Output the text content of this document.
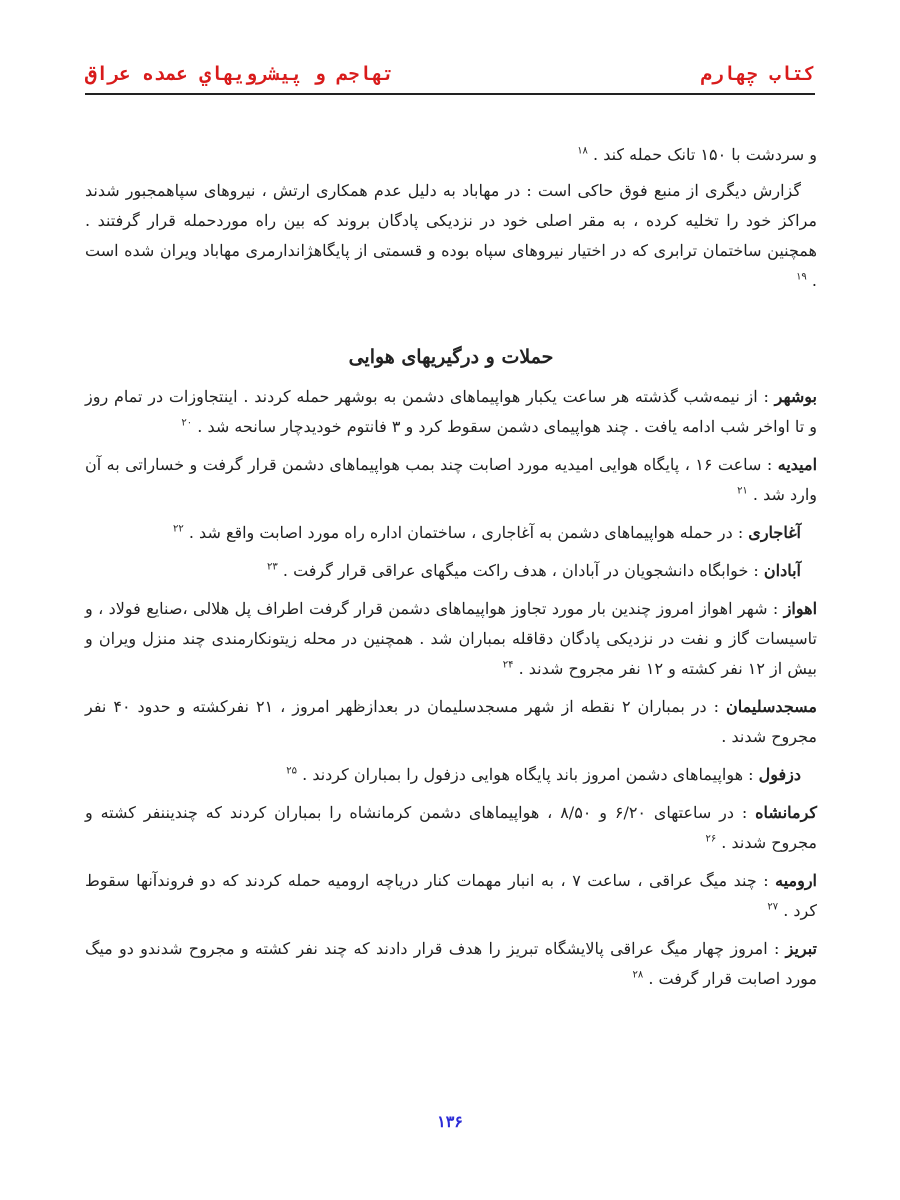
تهاجم و پيشرويهاي عمده عراق	كتاب چهارم

و سردشت با ۱۵۰ تانک حمله کند . $^{۱۸}$

گزارش دیگری از منبع فوق حاکی است : در مهاباد به دلیل عدم همکاری ارتش ، نیروهای سپاهمجبور شدند مراکز خود را تخلیه کرده ، به مقر اصلی خود در نزدیکی پادگان بروند که بین راه موردحمله قرار گرفتند . همچنین ساختمان ترابری که در اختیار نیروهای سپاه بوده و قسمتی از پایگاهژاندارمری مهاباد ویران شده است . $^{۱۹}$

حملات و درگیریهای هوایی

بوشهر : از نیمه‌شب گذشته هر ساعت یکبار هواپیماهای دشمن به بوشهر حمله کردند . اینتجاوزات در تمام روز و تا اواخر شب ادامه یافت . چند هواپیمای دشمن سقوط کرد و ۳ فانتوم خودیدچار سانحه شد . $^{۲۰}$

امیدیه : ساعت ۱۶ ، پایگاه هوایی امیدیه مورد اصابت چند بمب هواپیماهای دشمن قرار گرفت و خساراتی به آن وارد شد . $^{۲۱}$

آغاجاری : در حمله هواپیماهای دشمن به آغاجاری ، ساختمان اداره راه مورد اصابت واقع شد . $^{۲۲}$

آبادان : خوابگاه دانشجویان در آبادان ، هدف راکت میگهای عراقی قرار گرفت . $^{۲۳}$

اهواز : شهر اهواز امروز چندین بار مورد تجاوز هواپیماهای دشمن قرار گرفت اطراف پل هلالی ،صنایع فولاد ، و تاسیسات گاز و نفت در نزدیکی پادگان دقاقله بمباران شد . همچنین در محله زیتونکارمندی چند منزل ویران و بیش از ۱۲ نفر کشته و ۱۲ نفر مجروح شدند . $^{۲۴}$

مسجدسلیمان : در بمباران ۲ نقطه از شهر مسجدسلیمان در بعدازظهر امروز ، ۲۱ نفرکشته و حدود ۴۰ نفر مجروح شدند .

دزفول : هواپیماهای دشمن امروز باند پایگاه هوایی دزفول را بمباران کردند . $^{۲۵}$

کرمانشاه : در ساعتهای ۶/۲۰ و ۸/۵۰ ، هواپیماهای دشمن کرمانشاه را بمباران کردند که چندیننفر کشته و مجروح شدند . $^{۲۶}$

ارومیه : چند میگ عراقی ، ساعت ۷ ، به انبار مهمات کنار دریاچه ارومیه حمله کردند که دو فروندآنها سقوط کرد . $^{۲۷}$

تبریز : امروز چهار میگ عراقی پالایشگاه تبریز را هدف قرار دادند که چند نفر کشته و مجروح شدندو دو میگ مورد اصابت قرار گرفت . $^{۲۸}$

۱۳۶
